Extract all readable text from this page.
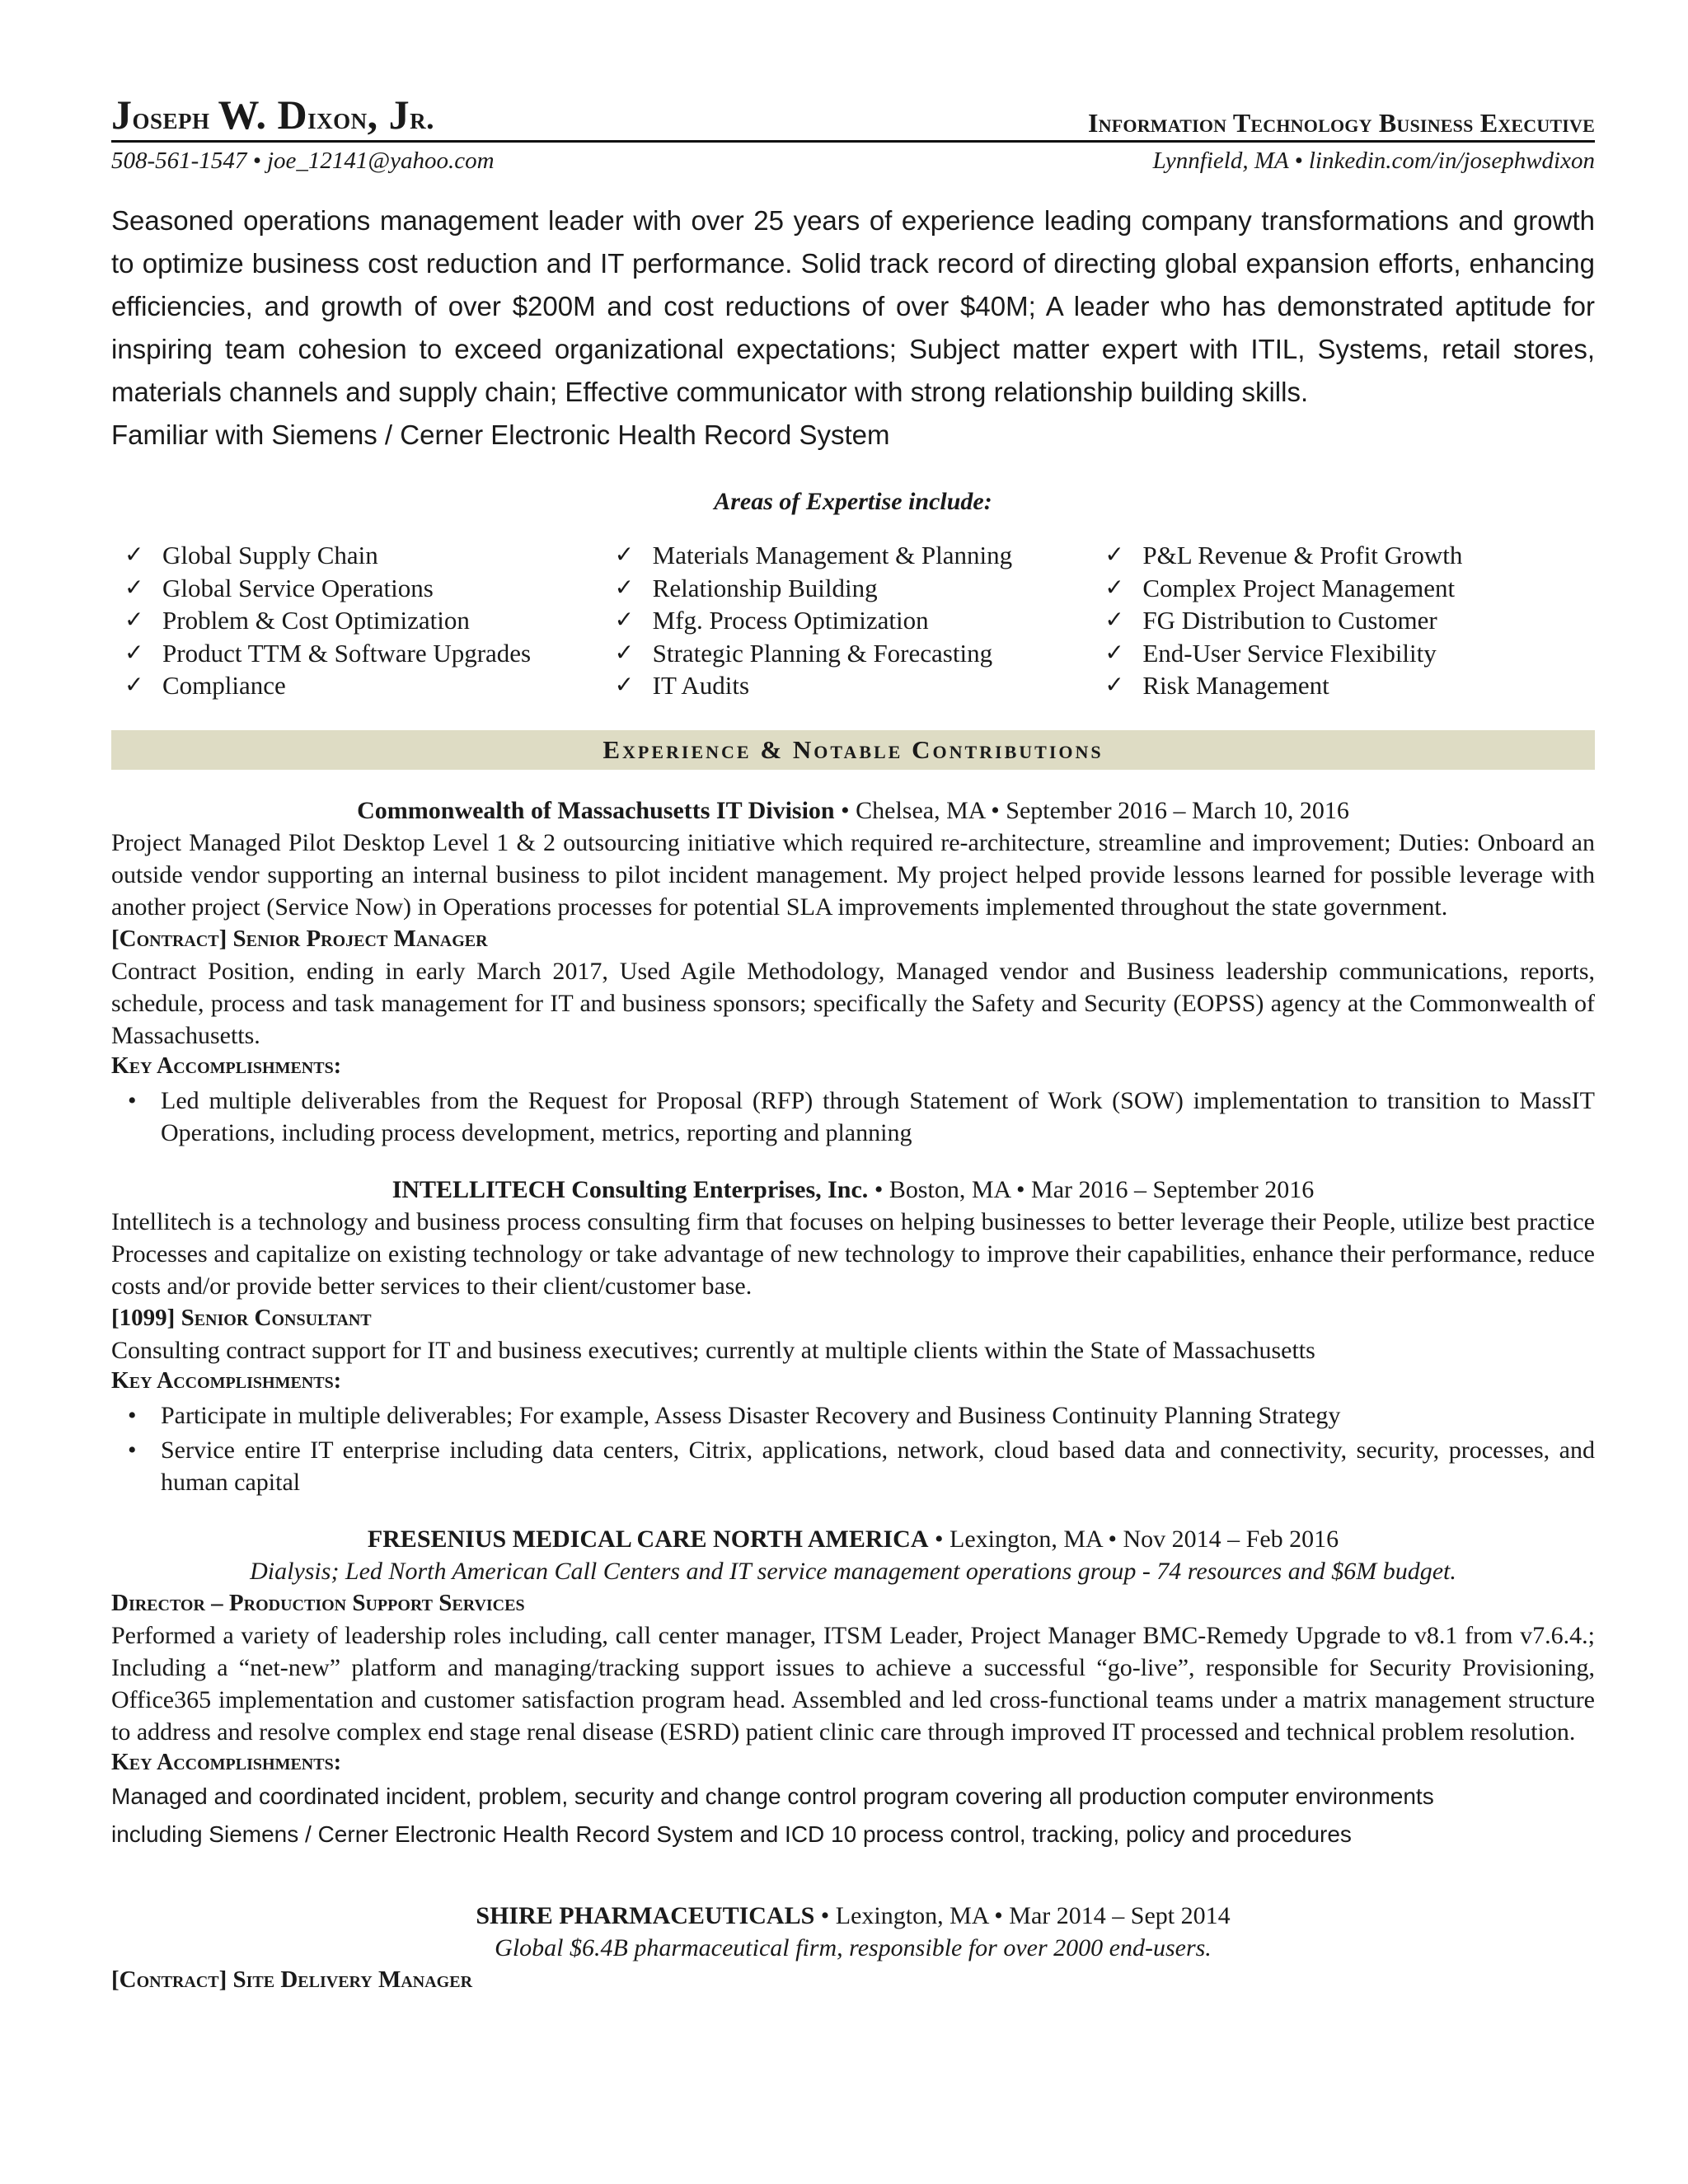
Joseph W. Dixon, Jr.	Information Technology Business Executive
508-561-1547 • joe_12141@yahoo.com	Lynnfield, MA • linkedin.com/in/josephwdixon
Seasoned operations management leader with over 25 years of experience leading company transformations and growth to optimize business cost reduction and IT performance. Solid track record of directing global expansion efforts, enhancing efficiencies, and growth of over $200M and cost reductions of over $40M; A leader who has demonstrated aptitude for inspiring team cohesion to exceed organizational expectations; Subject matter expert with ITIL, Systems, retail stores, materials channels and supply chain; Effective communicator with strong relationship building skills.
Familiar with Siemens / Cerner Electronic Health Record System
Areas of Expertise include:
✓ Global Supply Chain
✓ Global Service Operations
✓ Problem & Cost Optimization
✓ Product TTM & Software Upgrades
✓ Compliance
✓ Materials Management & Planning
✓ Relationship Building
✓ Mfg. Process Optimization
✓ Strategic Planning & Forecasting
✓ IT Audits
✓ P&L Revenue & Profit Growth
✓ Complex Project Management
✓ FG Distribution to Customer
✓ End-User Service Flexibility
✓ Risk Management
Experience & Notable Contributions
Commonwealth of Massachusetts IT Division • Chelsea, MA • September 2016 – March 10, 2016

Project Managed Pilot Desktop Level 1 & 2 outsourcing initiative which required re-architecture, streamline and improvement; Duties: Onboard an outside vendor supporting an internal business to pilot incident management. My project helped provide lessons learned for possible leverage with another project (Service Now) in Operations processes for potential SLA improvements implemented throughout the state government.

[Contract] Senior Project Manager

Contract Position, ending in early March 2017, Used Agile Methodology, Managed vendor and Business leadership communications, reports, schedule, process and task management for IT and business sponsors; specifically the Safety and Security (EOPSS) agency at the Commonwealth of Massachusetts.

Key Accomplishments:
• Led multiple deliverables from the Request for Proposal (RFP) through Statement of Work (SOW) implementation to transition to MassIT Operations, including process development, metrics, reporting and planning
INTELLITECH Consulting Enterprises, Inc. • Boston, MA • Mar 2016 – September 2016

Intellitech is a technology and business process consulting firm that focuses on helping businesses to better leverage their People, utilize best practice Processes and capitalize on existing technology or take advantage of new technology to improve their capabilities, enhance their performance, reduce costs and/or provide better services to their client/customer base.

[1099] Senior Consultant

Consulting contract support for IT and business executives; currently at multiple clients within the State of Massachusetts

Key Accomplishments:
• Participate in multiple deliverables; For example, Assess Disaster Recovery and Business Continuity Planning Strategy
• Service entire IT enterprise including data centers, Citrix, applications, network, cloud based data and connectivity, security, processes, and human capital
FRESENIUS MEDICAL CARE NORTH AMERICA • Lexington, MA • Nov 2014 – Feb 2016
Dialysis; Led North American Call Centers and IT service management operations group - 74 resources and $6M budget.
Director – Production Support Services

Performed a variety of leadership roles including, call center manager, ITSM Leader, Project Manager BMC-Remedy Upgrade to v8.1 from v7.6.4.; Including a “net-new” platform and managing/tracking support issues to achieve a successful “go-live”, responsible for Security Provisioning, Office365 implementation and customer satisfaction program head. Assembled and led cross-functional teams under a matrix management structure to address and resolve complex end stage renal disease (ESRD) patient clinic care through improved IT processed and technical problem resolution.

Key Accomplishments:
Managed and coordinated incident, problem, security and change control program covering all production computer environments
including Siemens / Cerner Electronic Health Record System and ICD 10 process control, tracking, policy and procedures
SHIRE PHARMACEUTICALS • Lexington, MA • Mar 2014 – Sept 2014
Global $6.4B pharmaceutical firm, responsible for over 2000 end-users.
[Contract] Site Delivery Manager
